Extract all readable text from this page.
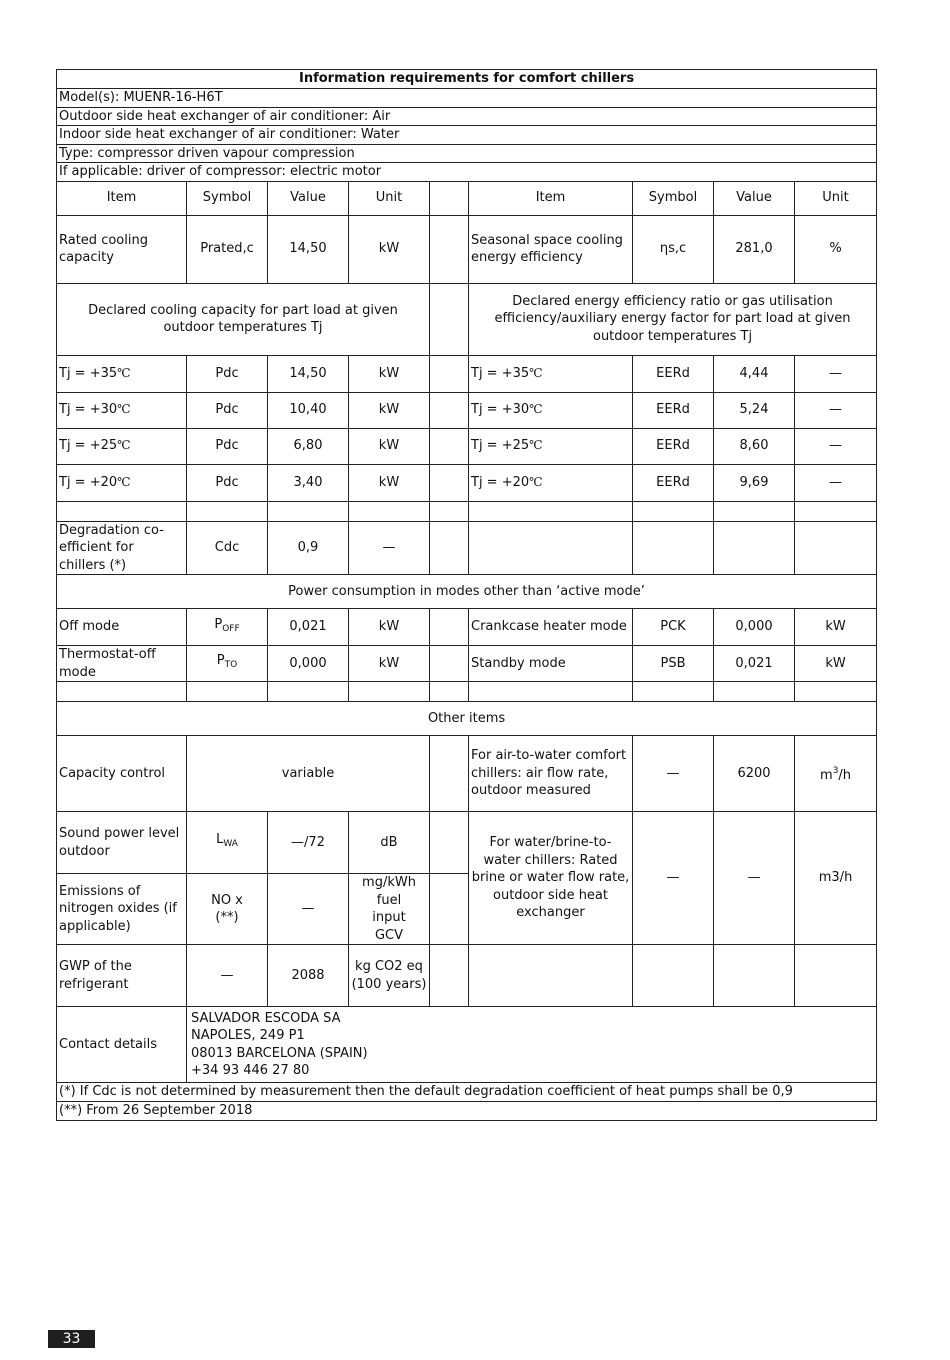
Information requirements for comfort chillers								
Model(s): MUENR-16-H6T								
Outdoor side heat exchanger of air conditioner: Air								
Indoor side heat exchanger of air conditioner: Water								
Type: compressor driven vapour compression								
If applicable: driver of compressor: electric motor								
Item	Symbol	Value	Unit		Item	Symbol	Value	Unit
Rated cooling capacity	Prated,c	14,50	kW		Seasonal space cooling energy efficiency	ηs,c	281,0	%
Declared cooling capacity for part load at given outdoor temperatures Tj					Declared energy efficiency ratio or gas utilisation efficiency/auxiliary energy factor for part load at given outdoor temperatures Tj			
Tj = +35℃	Pdc	14,50	kW		Tj = +35℃	EERd	4,44	—
Tj = +30℃	Pdc	10,40	kW		Tj = +30℃	EERd	5,24	—
Tj = +25℃	Pdc	6,80	kW		Tj = +25℃	EERd	8,60	—
Tj = +20℃	Pdc	3,40	kW		Tj = +20℃	EERd	9,69	—

Degradation co-efficient for chillers (*)	Cdc	0,9	—					
Power consumption in modes other than ‘active mode’								
Off mode	$P_{OFF}$	0,021	kW		Crankcase heater mode	PCK	0,000	kW
Thermostat-off mode	$P_{TO}$	0,000	kW		Standby mode	PSB	0,021	kW

Other items								
Capacity control	variable				For air-to-water comfort chillers: air flow rate, outdoor measured	—	6200	$m^3/h$
Sound power level outdoor	$L_{WA}$	—/72	dB		For water/brine-to- water chillers: Rated brine or water flow rate, outdoor side heat exchanger	—	—	m3/h
Emissions of nitrogen oxides (if applicable)	NO x (**)	—	mg/kWh fuel input GCV					
GWP of the refrigerant	—	2088	kg CO2 eq (100 years)					
Contact details	SALVADOR ESCODA SA
NAPOLES, 249 P1
08013 BARCELONA (SPAIN)
+34 93 446 27 80							

(*) If Cdc is not determined by measurement then the default degradation coefficient of heat pumps shall be 0,9								
(**) From 26 September 2018								
33
